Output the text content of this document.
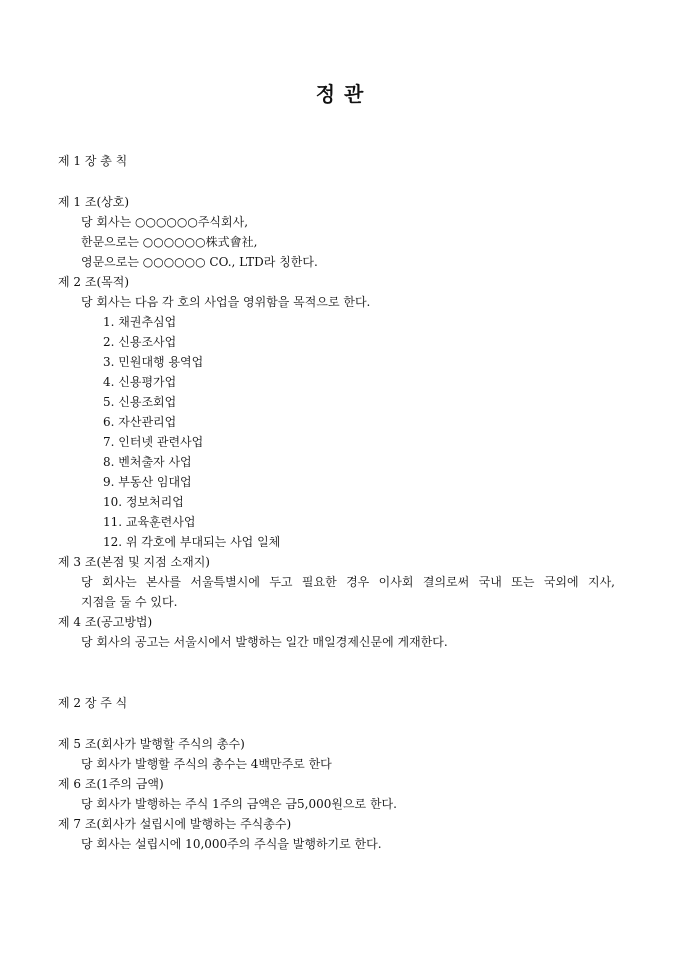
정 관
제 1 장 총 칙
제 1 조(상호)
당 회사는 ○○○○○○주식회사,
한문으로는 ○○○○○○株式會社,
영문으로는 ○○○○○○ CO., LTD라 칭한다.
제 2 조(목적)
당 회사는 다음 각 호의 사업을 영위함을 목적으로 한다.
1. 채권추심업
2. 신용조사업
3. 민원대행 용역업
4. 신용평가업
5. 신용조회업
6. 자산관리업
7. 인터넷 관련사업
8. 벤처출자 사업
9. 부동산 임대업
10. 정보처리업
11. 교육훈련사업
12. 위 각호에 부대되는 사업 일체
제 3 조(본점 및 지점 소재지)
당 회사는 본사를 서울특별시에 두고 필요한 경우 이사회 결의로써 국내 또는 국외에 지사,
지점을 둘 수 있다.
제 4 조(공고방법)
당 회사의 공고는 서울시에서 발행하는 일간 매일경제신문에 게재한다.
제 2 장 주 식
제 5 조(회사가 발행할 주식의 총수)
당 회사가 발행할 주식의 총수는 4백만주로 한다
제 6 조(1주의 금액)
당 회사가 발행하는 주식 1주의 금액은 금5,000원으로 한다.
제 7 조(회사가 설립시에 발행하는 주식총수)
당 회사는 설립시에 10,000주의 주식을 발행하기로 한다.
